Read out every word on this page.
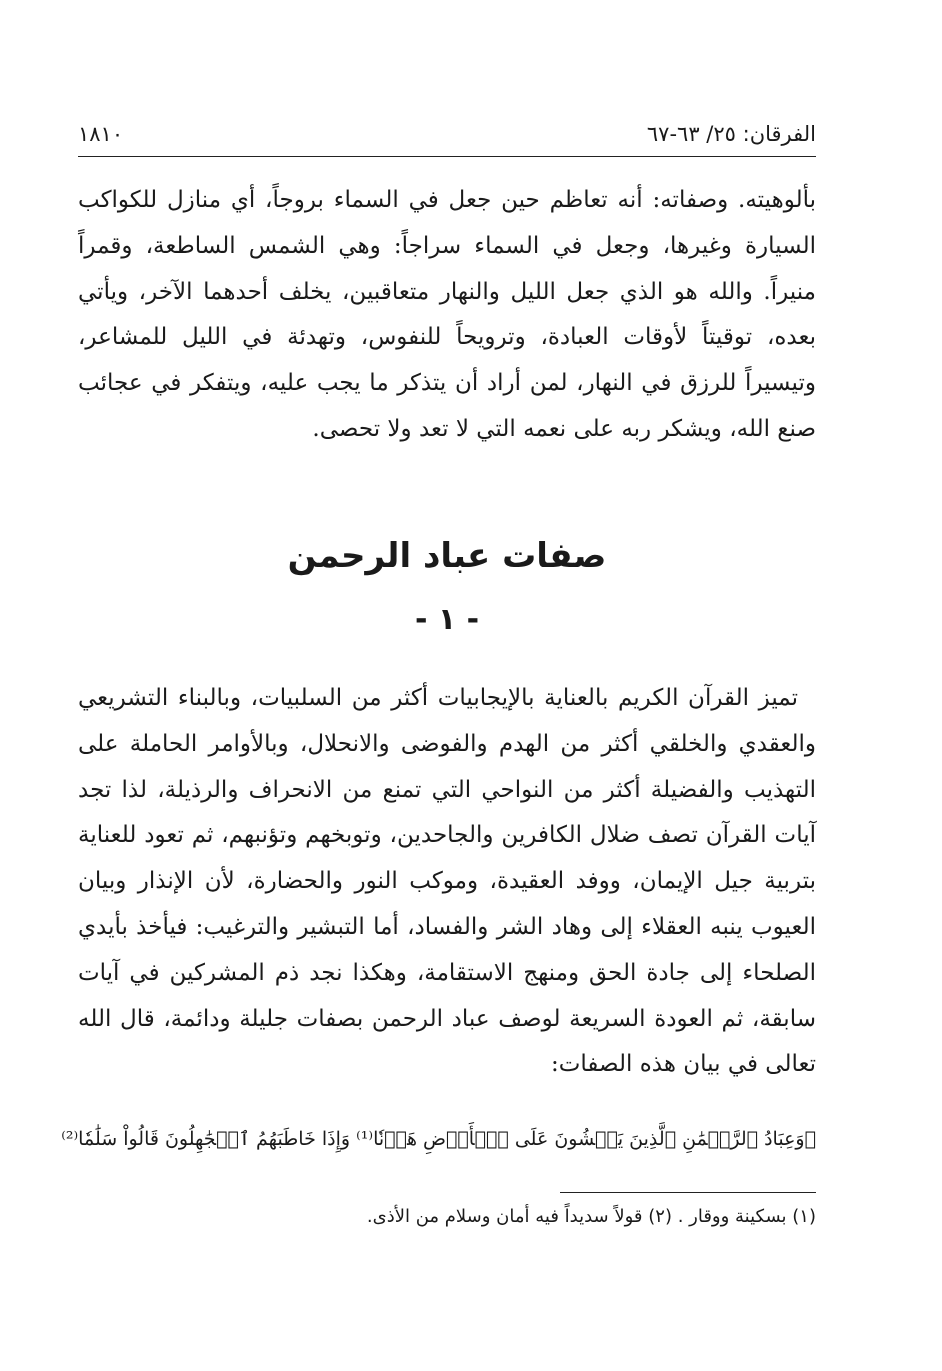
الفرقان: ٢٥/ ٦٣-٦٧
١٨١٠

بألوهيته. وصفاته: أنه تعاظم حين جعل في السماء بروجاً، أي منازل للكواكب السيارة وغيرها، وجعل في السماء سراجاً: وهي الشمس الساطعة، وقمراً منيراً. والله هو الذي جعل الليل والنهار متعاقبين، يخلف أحدهما الآخر، ويأتي بعده، توقيتاً لأوقات العبادة، وترويحاً للنفوس، وتهدئة في الليل للمشاعر، وتيسيراً للرزق في النهار، لمن أراد أن يتذكر ما يجب عليه، ويتفكر في عجائب صنع الله، ويشكر ربه على نعمه التي لا تعد ولا تحصى.

صفات عباد الرحمن
- ١ -

تميز القرآن الكريم بالعناية بالإيجابيات أكثر من السلبيات، وبالبناء التشريعي والعقدي والخلقي أكثر من الهدم والفوضى والانحلال، وبالأوامر الحاملة على التهذيب والفضيلة أكثر من النواحي التي تمنع من الانحراف والرذيلة، لذا تجد آيات القرآن تصف ضلال الكافرين والجاحدين، وتوبخهم وتؤنبهم، ثم تعود للعناية بتربية جيل الإيمان، ووفد العقيدة، وموكب النور والحضارة، لأن الإنذار وبيان العيوب ينبه العقلاء إلى وهاد الشر والفساد، أما التبشير والترغيب: فيأخذ بأيدي الصلحاء إلى جادة الحق ومنهج الاستقامة، وهكذا نجد ذم المشركين في آيات سابقة، ثم العودة السريعة لوصف عباد الرحمن بصفات جليلة ودائمة، قال الله تعالى في بيان هذه الصفات:

﴿وَعِبَادُ ٱلرَّحۡمَٰنِ ٱلَّذِينَ يَمۡشُونَ عَلَى ٱلۡأَرۡضِ هَوۡنٗا⁽¹⁾ وَإِذَا خَاطَبَهُمُ ٱلۡجَٰهِلُونَ قَالُواْ سَلَٰمٗا⁽²⁾
(١) بسكينة ووقار . (٢) قولاً سديداً فيه أمان وسلام من الأذى.
